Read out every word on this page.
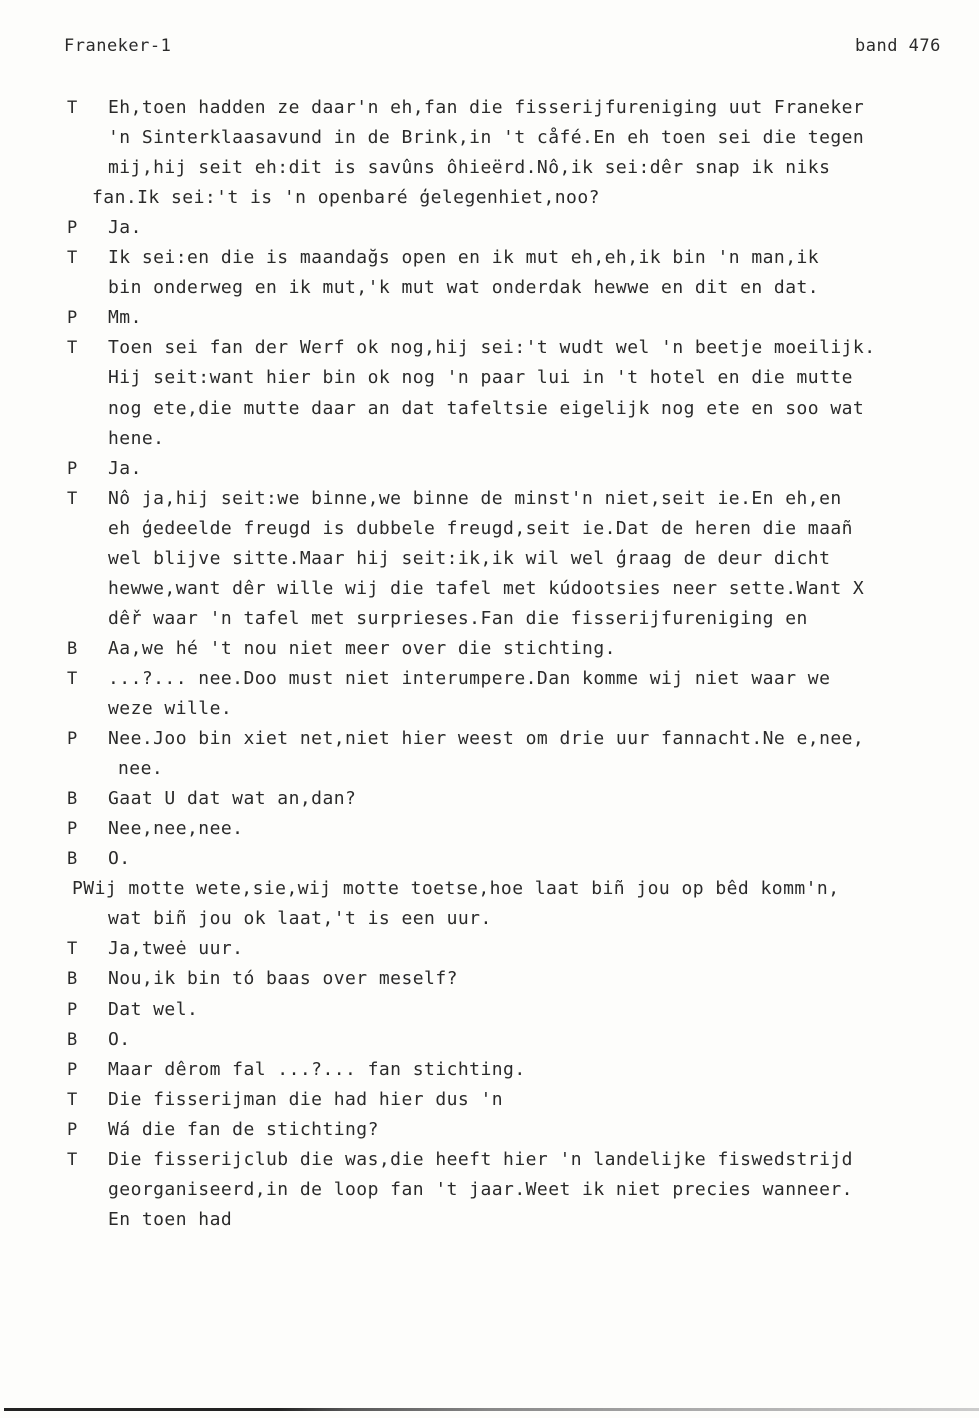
Franeker-1	band 476
T Eh,toen hadden ze daar'n eh,fan die fisserijfureniging uut Franeker
'n Sinterklaasavund in de Brink,in 't cåfé.En eh toen sei die tegen
mij,hij seit eh:dit is savûns ôhieërd.Nô,ik sei:dêr snap ik niks
fan.Ik sei:'t is 'n openbaré ģelegenhiet,noo?
P Ja.
T Ik sei:en die is maandağs open en ik mut eh,eh,ik bin 'n man,ik
bin onderweg en ik mut,'k mut wat onderdak hewwe en dit en dat.
P Mm.
T Toen sei fan der Werf ok nog,hij sei:'t wudt wel 'n beetje moeilijk.
Hij seit:want hier bin ok nog 'n paar lui in 't hotel en die mutte
nog ete,die mutte daar an dat tafeltsie eigelijk nog ete en soo wat
hene.
P Ja.
T Nô ja,hij seit:we binne,we binne de minst'n niet,seit ie.En eh,en
eh ģedeelde freugd is dubbele freugd,seit ie.Dat de heren die maañ
wel blijve sitte.Maar hij seit:ik,ik wil wel ģraag de deur dicht
hewwe,want dêr wille wij die tafel met kúdootsies neer sette.Want X
dêř waar 'n tafel met surprieses.Fan die fisserijfureniging en
B Aa,we hé 't nou niet meer over die stichting.
T ...?... nee.Doo must niet interumpere.Dan komme wij niet waar we
weze wille.
P Nee.Joo bin xiet net,niet hier weest om drie uur fannacht.Ne e,nee,
nee.
B Gaat U dat wat an,dan?
P Nee,nee,nee.
B O.
PWij motte wete,sie,wij motte toetse,hoe laat biñ jou op bêd komm'n,
wat biñ jou ok laat,'t is een uur.
T Ja,tweė uur.
B Nou,ik bin tó baas over meself?
P Dat wel.
B O.
P Maar dêrom fal ...?... fan stichting.
T Die fisserijman die had hier dus 'n
P Wá die fan de stichting?
T Die fisserijclub die was,die heeft hier 'n landelijke fiswedstrijd
georganiseerd,in de loop fan 't jaar.Weet ik niet precies wanneer.
En toen had
